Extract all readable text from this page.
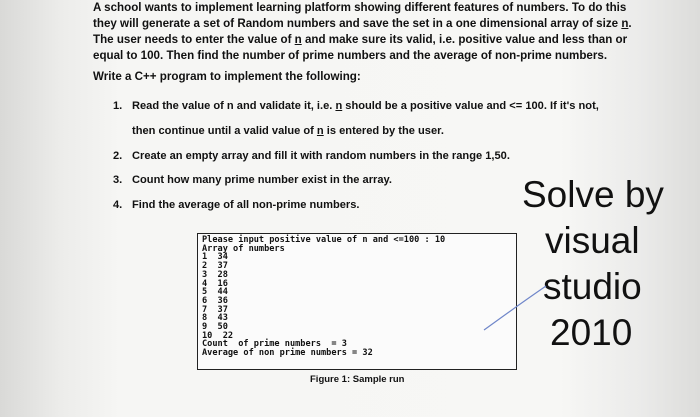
A school wants to implement learning platform showing different features of numbers. To do this
they will generate a set of Random numbers and save the set in a one dimensional array of size n.
The user needs to enter the value of n and make sure its valid, i.e. positive value and less than or
equal to 100. Then find the number of prime numbers and the average of non-prime numbers.
Write a C++ program to implement the following:
1. Read the value of n and validate it, i.e. n should be a positive value and <= 100. If it's not,
then continue until a valid value of n is entered by the user.
2. Create an empty array and fill it with random numbers in the range 1,50.
3. Count how many prime number exist in the array.
4. Find the average of all non-prime numbers.
Please input positive value of n and <=100 : 10
Array of numbers
1  34
2  37
3  28
4  16
5  44
6  36
7  37
8  43
9  50
10  22
Count  of prime numbers  = 3
Average of non prime numbers = 32
Figure 1: Sample run
Solve by
visual
studio
2010
